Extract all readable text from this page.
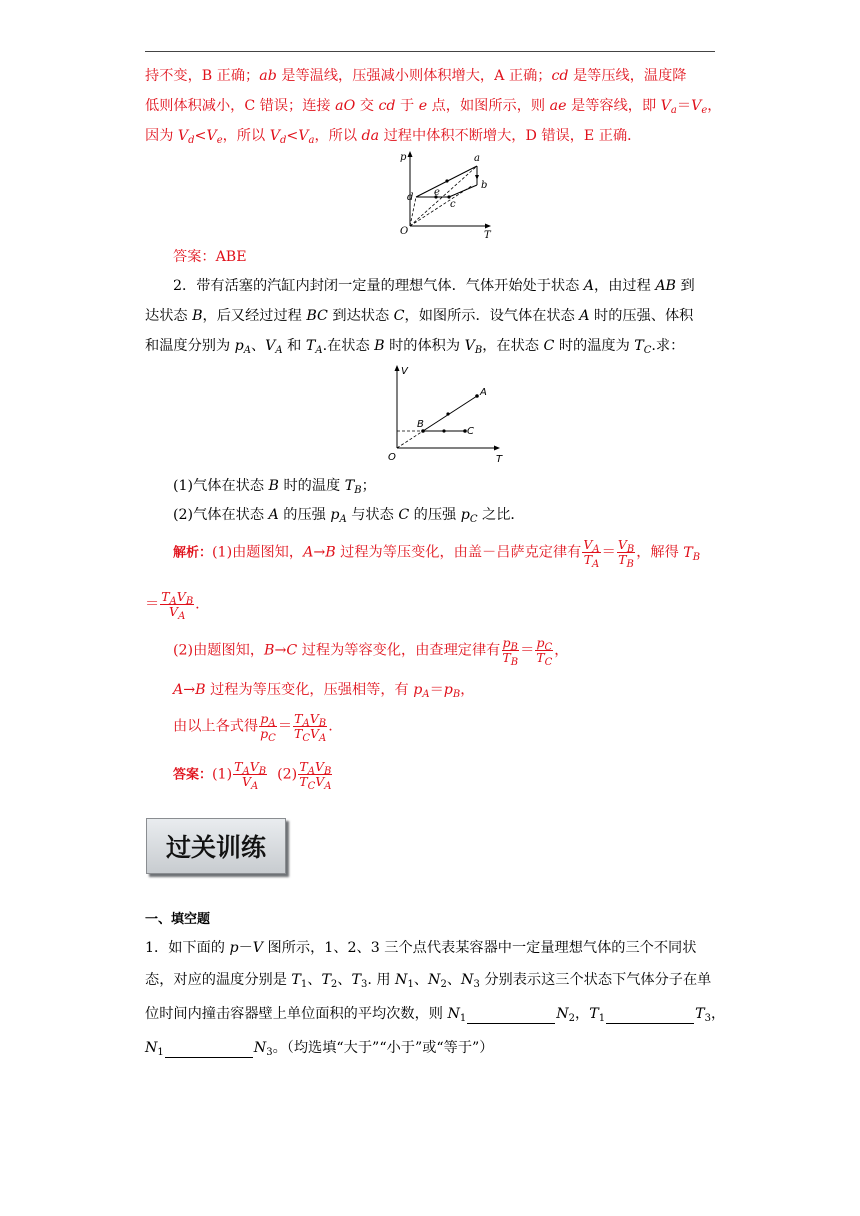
持不变，B 正确；ab 是等温线，压强减小则体积增大，A 正确；cd 是等压线，温度降
低则体积减小，C 错误；连接 aO 交 cd 于 e 点，如图所示，则 ae 是等容线，即 $V_a=V_e$，
因为 $V_d<V_e$，所以 $V_d<V_a$，所以 da 过程中体积不断增大，D 错误，E 正确．
p
T
O
a
b
d e
c
答案：ABE
2．带有活塞的汽缸内封闭一定量的理想气体．气体开始处于状态 A，由过程 AB 到
达状态 B，后又经过过程 BC 到达状态 C，如图所示．设气体在状态 A 时的压强、体积
和温度分别为 $p_A$、$V_A$ 和 $T_A$.在状态 B 时的体积为 $V_B$，在状态 C 时的温度为 $T_C$.求：
V
T
O
A
B
C
(1)气体在状态 B 时的温度 $T_B$；
(2)气体在状态 A 的压强 $p_A$ 与状态 C 的压强 $p_C$ 之比．
解析：(1)由题图知，A→B 过程为等压变化，由盖－吕萨克定律有 $\frac{V_A}{T_A} = \frac{V_B}{T_B}$ ，解得 $T_B$
＝ $\frac{T_AV_B}{V_A}$ .
(2)由题图知，B→C 过程为等容变化，由查理定律有 $\frac{p_B}{T_B} = \frac{p_C}{T_C}$ ，
A→B 过程为等压变化，压强相等，有 $p_A=p_B$，
由以上各式得 $\frac{p_A}{p_C} = \frac{T_AV_B}{T_CV_A}$ .
答案：$(1) \frac{T_AV_B}{V_A} (2) \frac{T_AV_B}{T_CV_A}$
过关训练
一、填空题
1．如下面的 p－V 图所示，1、2、3 三个点代表某容器中一定量理想气体的三个不同状
态，对应的温度分别是 $T_1$、$T_2$、$T_3$. 用 $N_1$、$N_2$、$N_3$ 分别表示这三个状态下气体分子在单
位时间内撞击容器壁上单位面积的平均次数，则 $N_1$	$N_2$，$T_1$	$T_3$，
$N_1$	$N_3$。（均选填“大于”“小于”或“等于”）
